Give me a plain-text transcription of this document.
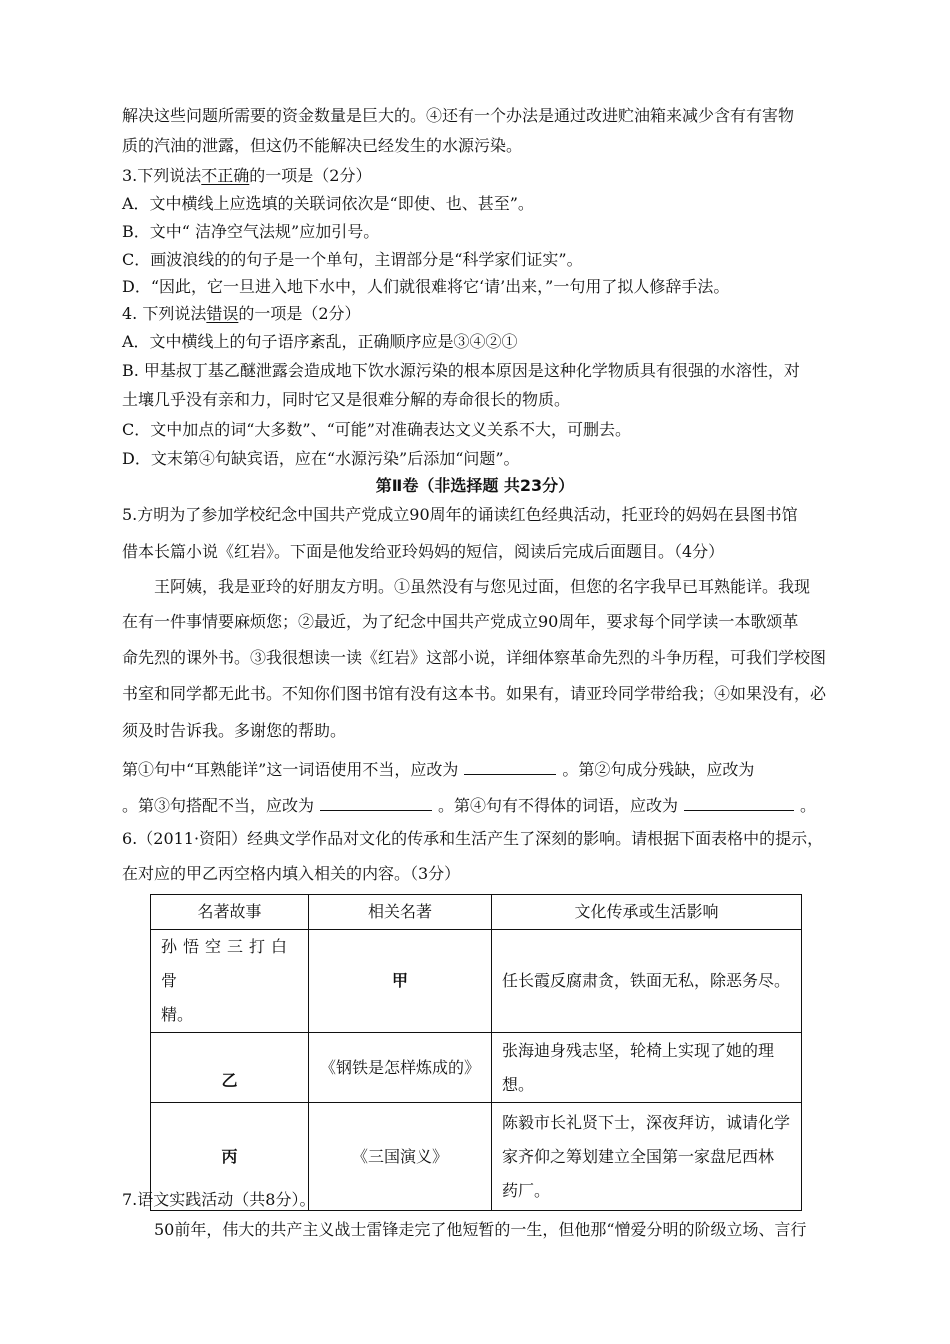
解决这些问题所需要的资金数量是巨大的。④还有一个办法是通过改进贮油箱来减少含有有害物
质的汽油的泄露，但这仍不能解决已经发生的水源污染。
3.下列说法不正确的一项是（2分）
A．文中横线上应选填的关联词依次是“即使、也、甚至”。
B．文中“ 洁净空气法规”应加引号。
C．画波浪线的的句子是一个单句，主谓部分是“科学家们证实”。
D．“因此，它一旦进入地下水中，人们就很难将它‘请’出来，”一句用了拟人修辞手法。
4. 下列说法错误的一项是（2分）
A．文中横线上的句子语序紊乱，正确顺序应是③④②①
B. 甲基叔丁基乙醚泄露会造成地下饮水源污染的根本原因是这种化学物质具有很强的水溶性，对
土壤几乎没有亲和力，同时它又是很难分解的寿命很长的物质。
C．文中加点的词“大多数”、“可能”对准确表达文义关系不大，可删去。
D．文末第④句缺宾语，应在“水源污染”后添加“问题”。
第Ⅱ卷（非选择题 共23分）
5.方明为了参加学校纪念中国共产党成立90周年的诵读红色经典活动，托亚玲的妈妈在县图书馆
借本长篇小说《红岩》。下面是他发给亚玲妈妈的短信，阅读后完成后面题目。（4分）
王阿姨，我是亚玲的好朋友方明。①虽然没有与您见过面，但您的名字我早已耳熟能详。我现
在有一件事情要麻烦您；②最近，为了纪念中国共产党成立90周年，要求每个同学读一本歌颂革
命先烈的课外书。③我很想读一读《红岩》这部小说，详细体察革命先烈的斗争历程，可我们学校图
书室和同学都无此书。不知你们图书馆有没有这本书。如果有，请亚玲同学带给我；④如果没有，必
须及时告诉我。多谢您的帮助。
第①句中“耳熟能详”这一词语使用不当，应改为	。第②句成分残缺，应改为
。第③句搭配不当，应改为	。第④句有不得体的词语，应改为	。
6.（2011·资阳）经典文学作品对文化的传承和生活产生了深刻的影响。请根据下面表格中的提示，
在对应的甲乙丙空格内填入相关的内容。（3分）
名著故事	相关名著	文化传承或生活影响

孙悟空三打白骨
精。	甲	任长霞反腐肃贪，铁面无私，除恶务尽。
乙	《钢铁是怎样炼成的》	张海迪身残志坚，轮椅上实现了她的理
想。

丙	《三国演义》	陈毅市长礼贤下士，深夜拜访，诚请化学
家齐仰之筹划建立全国第一家盘尼西林
药厂。
7.语文实践活动（共8分）。
50前年，伟大的共产主义战士雷锋走完了他短暂的一生，但他那“憎爱分明的阶级立场、言行
